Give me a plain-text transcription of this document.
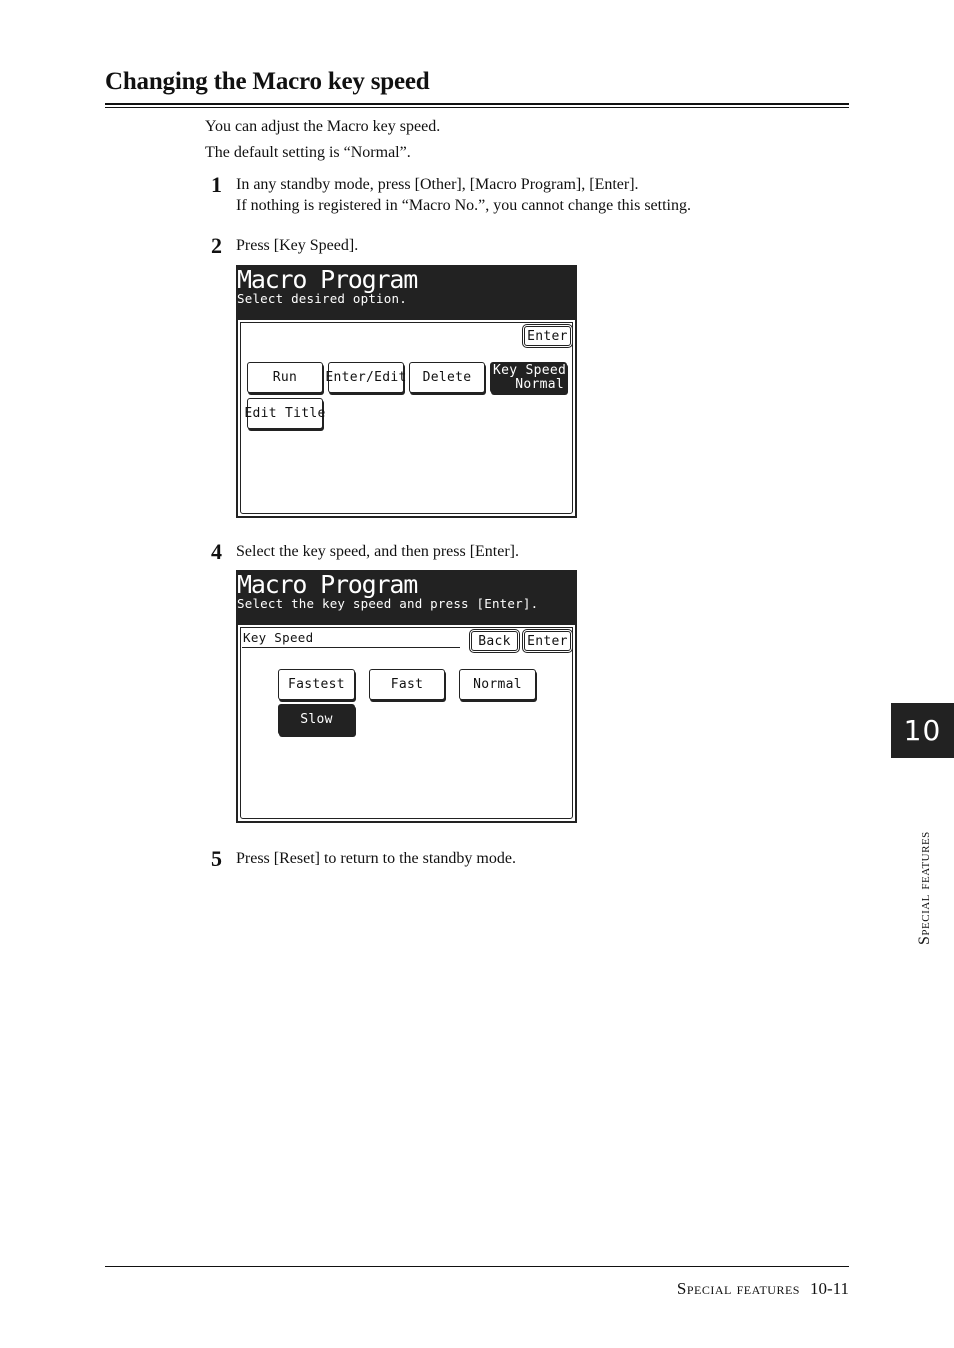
Changing the Macro key speed
You can adjust the Macro key speed.
The default setting is “Normal”.
1 In any standby mode, press [Other], [Macro Program], [Enter].
If nothing is registered in “Macro No.”, you cannot change this setting.
2 Press [Key Speed].
Macro Program
Select desired option.
Enter
Run	Enter/Edit	Delete	Key Speed
Normal
Edit Title
4 Select the key speed, and then press [Enter].
Macro Program
Select the key speed and press [Enter].
Key Speed	Back	Enter
Fastest	Fast	Normal
Slow
5 Press [Reset] to return to the standby mode.
10
Special features
Special features 10-11
